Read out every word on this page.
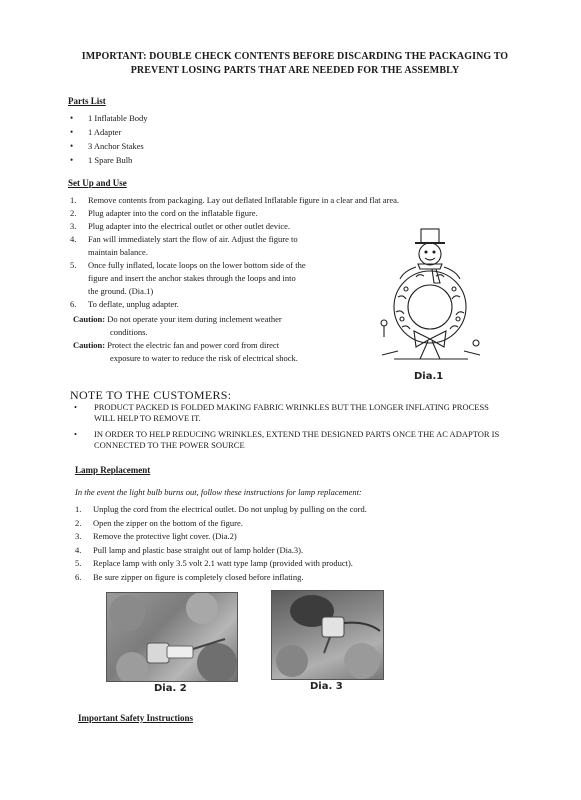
IMPORTANT: DOUBLE CHECK CONTENTS BEFORE DISCARDING THE PACKAGING TO
PREVENT LOSING PARTS THAT ARE NEEDED FOR THE ASSEMBLY
Parts List
• 1 Inflatable Body
• 1 Adapter
• 3 Anchor Stakes
• 1 Spare Bulb
Set Up and Use
1. Remove contents from packaging. Lay out deflated Inflatable figure in a clear and flat area.
2. Plug adapter into the cord on the inflatable figure.
3. Plug adapter into the electrical outlet or other outlet device.
4. Fan will immediately start the flow of air. Adjust the figure to
maintain balance.
5. Once fully inflated, locate loops on the lower bottom side of the
figure and insert the anchor stakes through the loops and into
the ground. (Dia.1)
6. To deflate, unplug adapter.
Caution: Do not operate your item during inclement weather
conditions.
Caution: Protect the electric fan and power cord from direct
exposure to water to reduce the risk of electrical shock.
Dia.1
NOTE TO THE CUSTOMERS:
• PRODUCT PACKED IS FOLDED MAKING FABRIC WRINKLES BUT THE LONGER INFLATING PROCESS WILL HELP TO REMOVE IT.
• IN ORDER TO HELP REDUCING WRINKLES, EXTEND THE DESIGNED PARTS ONCE THE AC ADAPTOR IS CONNECTED TO THE POWER SOURCE
Lamp Replacement
In the event the light bulb burns out, follow these instructions for lamp replacement:
1. Unplug the cord from the electrical outlet. Do not unplug by pulling on the cord.
2. Open the zipper on the bottom of the figure.
3. Remove the protective light cover. (Dia.2)
4. Pull lamp and plastic base straight out of lamp holder (Dia.3).
5. Replace lamp with only 3.5 volt 2.1 watt type lamp (provided with product).
6. Be sure zipper on figure is completely closed before inflating.
Dia. 2	Dia. 3
Important Safety Instructions
